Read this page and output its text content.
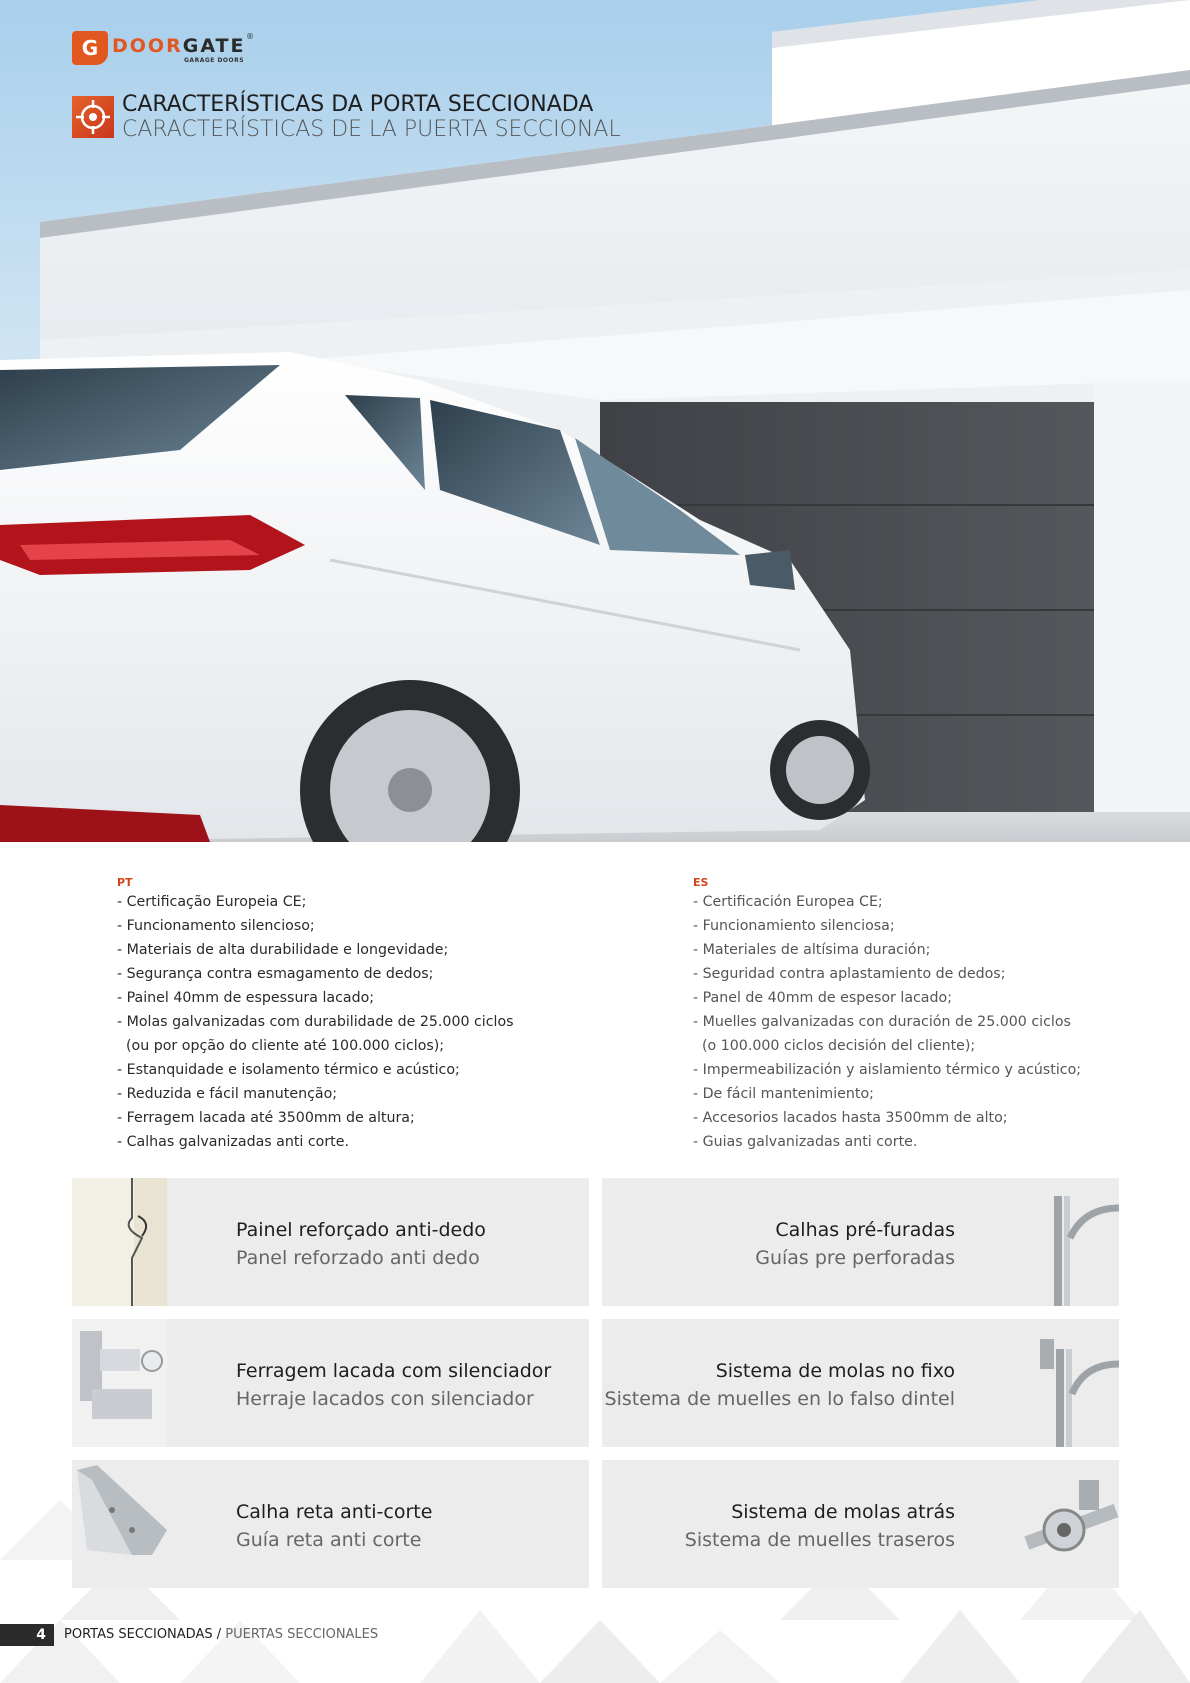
G DOORGATE ®
GARAGE DOORS
CARACTERÍSTICAS DA PORTA SECCIONADA
CARACTERÍSTICAS DE LA PUERTA SECCIONAL
PT
- Certificação Europeia CE;
- Funcionamento silencioso;
- Materiais de alta durabilidade e longevidade;
- Segurança contra esmagamento de dedos;
- Painel 40mm de espessura lacado;
- Molas galvanizadas com durabilidade de 25.000 ciclos
(ou por opção do cliente até 100.000 ciclos);
- Estanquidade e isolamento térmico e acústico;
- Reduzida e fácil manutenção;
- Ferragem lacada até 3500mm de altura;
- Calhas galvanizadas anti corte.
ES
- Certificación Europea CE;
- Funcionamiento silenciosa;
- Materiales de altísima duración;
- Seguridad contra aplastamiento de dedos;
- Panel de 40mm de espesor lacado;
- Muelles galvanizadas con duración de 25.000 ciclos
(o 100.000 ciclos decisión del cliente);
- Impermeabilización y aislamiento térmico y acústico;
- De fácil mantenimiento;
- Accesorios lacados hasta 3500mm de alto;
- Guias galvanizadas anti corte.
Painel reforçado anti-dedo
Panel reforzado anti dedo
Calhas pré-furadas
Guías pre perforadas
Ferragem lacada com silenciador
Herraje lacados con silenciador
Sistema de molas no fixo
Sistema de muelles en lo falso dintel
Calha reta anti-corte
Guía reta anti corte
Sistema de molas atrás
Sistema de muelles traseros
4	PORTAS SECCIONADAS / PUERTAS SECCIONALES
